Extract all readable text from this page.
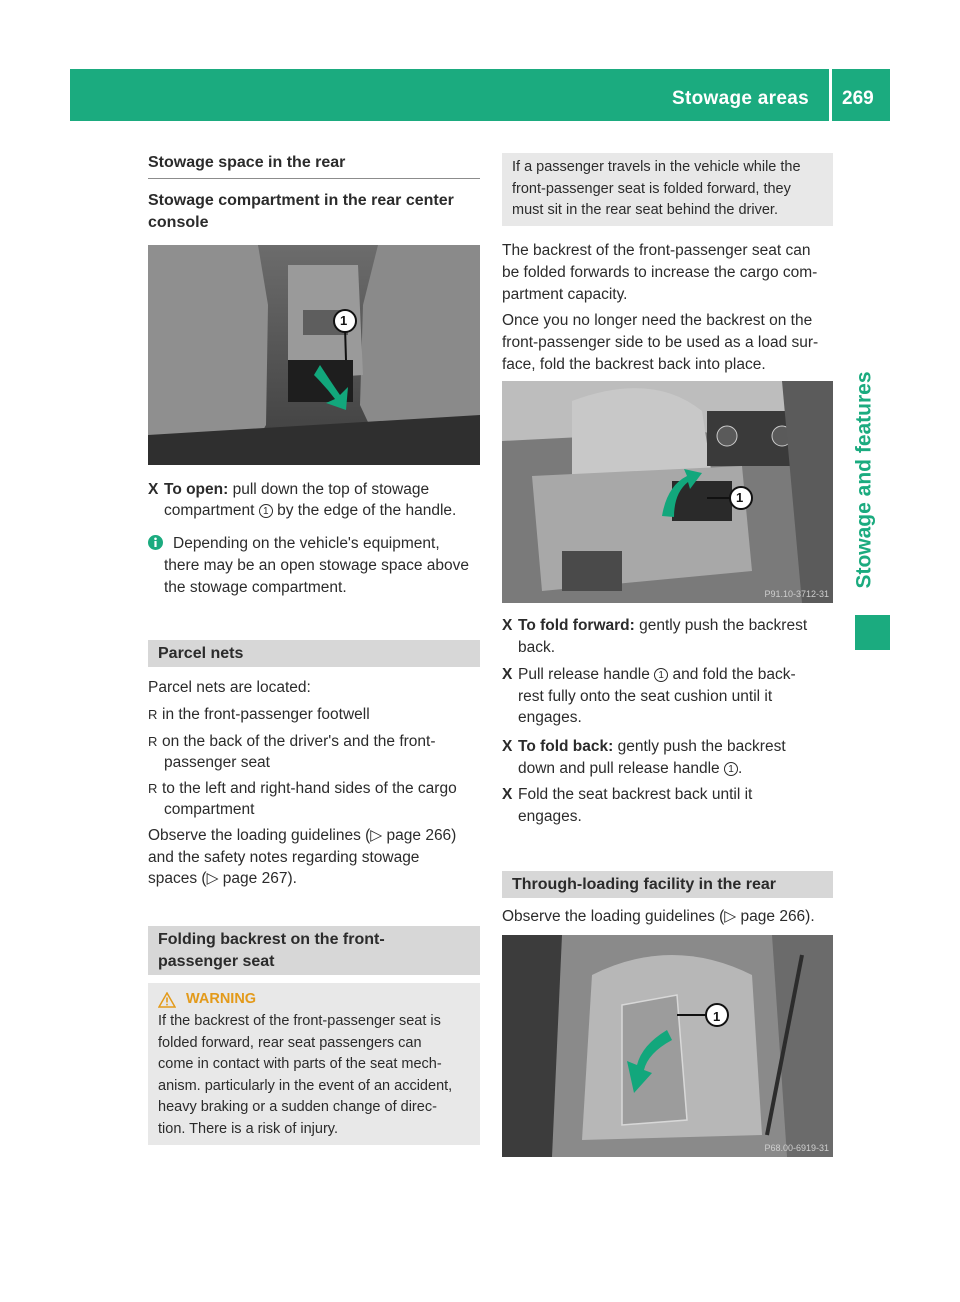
Stowage areas 269
Stowage and features
Stowage space in the rear
Stowage compartment in the rear center
console
1
X To open: pull down the top of stowage
compartment 1 by the edge of the handle.
Depending on the vehicle's equipment,
there may be an open stowage space above
the stowage compartment.
Parcel nets
Parcel nets are located:
R in the front-passenger footwell
R on the back of the driver's and the front-
passenger seat
R to the left and right-hand sides of the cargo
compartment
Observe the loading guidelines (▷ page 266)
and the safety notes regarding stowage
spaces (▷ page 267).
Folding backrest on the front-
passenger seat
WARNING
If the backrest of the front-passenger seat is
folded forward, rear seat passengers can
come in contact with parts of the seat mech-
anism. particularly in the event of an accident,
heavy braking or a sudden change of direc-
tion. There is a risk of injury.
If a passenger travels in the vehicle while the
front-passenger seat is folded forward, they
must sit in the rear seat behind the driver.
The backrest of the front-passenger seat can
be folded forwards to increase the cargo com-
partment capacity.
Once you no longer need the backrest on the
front-passenger side to be used as a load sur-
face, fold the backrest back into place.
P91.10-3712-31
1
X To fold forward: gently push the backrest
back.
X Pull release handle 1 and fold the back-
rest fully onto the seat cushion until it
engages.
X To fold back: gently push the backrest
down and pull release handle 1 .
X Fold the seat backrest back until it
engages.
Through-loading facility in the rear
Observe the loading guidelines (▷ page 266).
P68.00-6919-31
1
